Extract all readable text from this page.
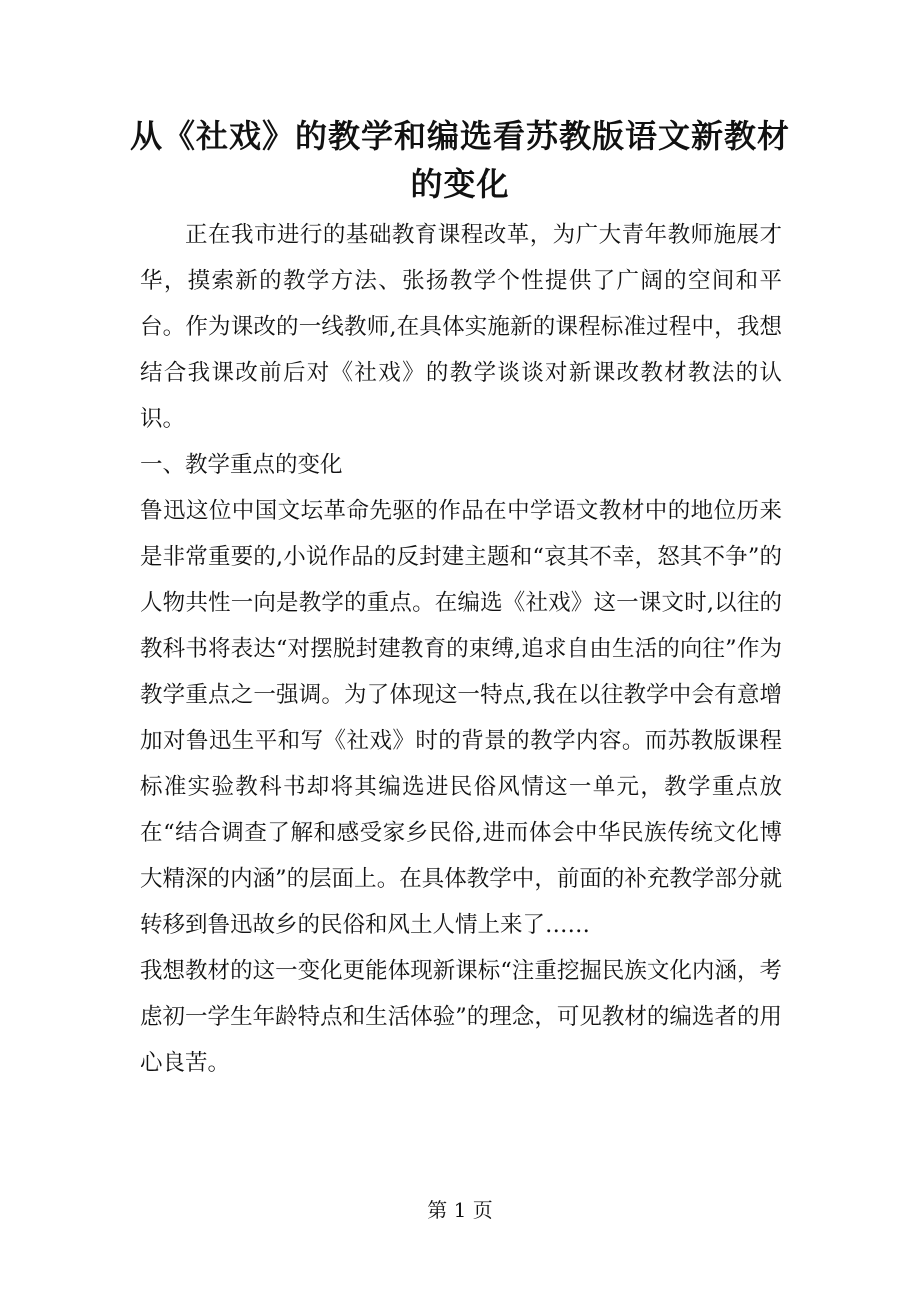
从《社戏》的教学和编选看苏教版语文新教材的变化

正在我市进行的基础教育课程改革，为广大青年教师施展才华，摸索新的教学方法、张扬教学个性提供了广阔的空间和平台。作为课改的一线教师,在具体实施新的课程标准过程中，我想结合我课改前后对《社戏》的教学谈谈对新课改教材教法的认识。

一、教学重点的变化

鲁迅这位中国文坛革命先驱的作品在中学语文教材中的地位历来是非常重要的,小说作品的反封建主题和“哀其不幸，怒其不争”的人物共性一向是教学的重点。在编选《社戏》这一课文时,以往的教科书将表达“对摆脱封建教育的束缚,追求自由生活的向往”作为教学重点之一强调。为了体现这一特点,我在以往教学中会有意增加对鲁迅生平和写《社戏》时的背景的教学内容。而苏教版课程标准实验教科书却将其编选进民俗风情这一单元，教学重点放在“结合调查了解和感受家乡民俗,进而体会中华民族传统文化博大精深的内涵”的层面上。在具体教学中，前面的补充教学部分就转移到鲁迅故乡的民俗和风土人情上来了……

我想教材的这一变化更能体现新课标“注重挖掘民族文化内涵，考虑初一学生年龄特点和生活体验”的理念，可见教材的编选者的用心良苦。

第 1 页
